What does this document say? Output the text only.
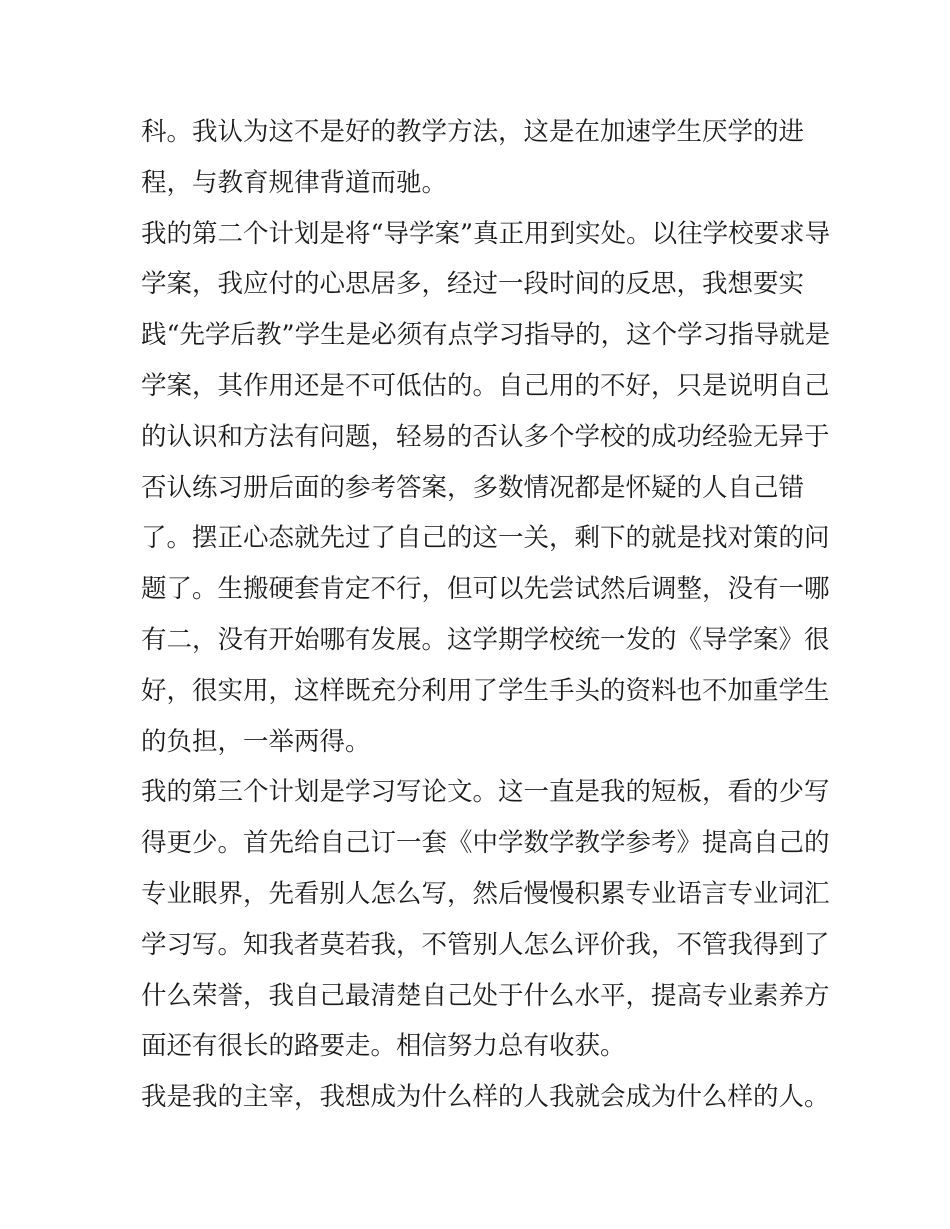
科。我认为这不是好的教学方法，这是在加速学生厌学的进
程，与教育规律背道而驰。
我的第二个计划是将“导学案”真正用到实处。以往学校要求导
学案，我应付的心思居多，经过一段时间的反思，我想要实
践“先学后教”学生是必须有点学习指导的，这个学习指导就是
学案，其作用还是不可低估的。自己用的不好，只是说明自己
的认识和方法有问题，轻易的否认多个学校的成功经验无异于
否认练习册后面的参考答案，多数情况都是怀疑的人自己错
了。摆正心态就先过了自己的这一关，剩下的就是找对策的问
题了。生搬硬套肯定不行，但可以先尝试然后调整，没有一哪
有二，没有开始哪有发展。这学期学校统一发的《导学案》很
好，很实用，这样既充分利用了学生手头的资料也不加重学生
的负担，一举两得。
我的第三个计划是学习写论文。这一直是我的短板，看的少写
得更少。首先给自己订一套《中学数学教学参考》提高自己的
专业眼界，先看别人怎么写，然后慢慢积累专业语言专业词汇
学习写。知我者莫若我，不管别人怎么评价我，不管我得到了
什么荣誉，我自己最清楚自己处于什么水平，提高专业素养方
面还有很长的路要走。相信努力总有收获。
我是我的主宰，我想成为什么样的人我就会成为什么样的人。
